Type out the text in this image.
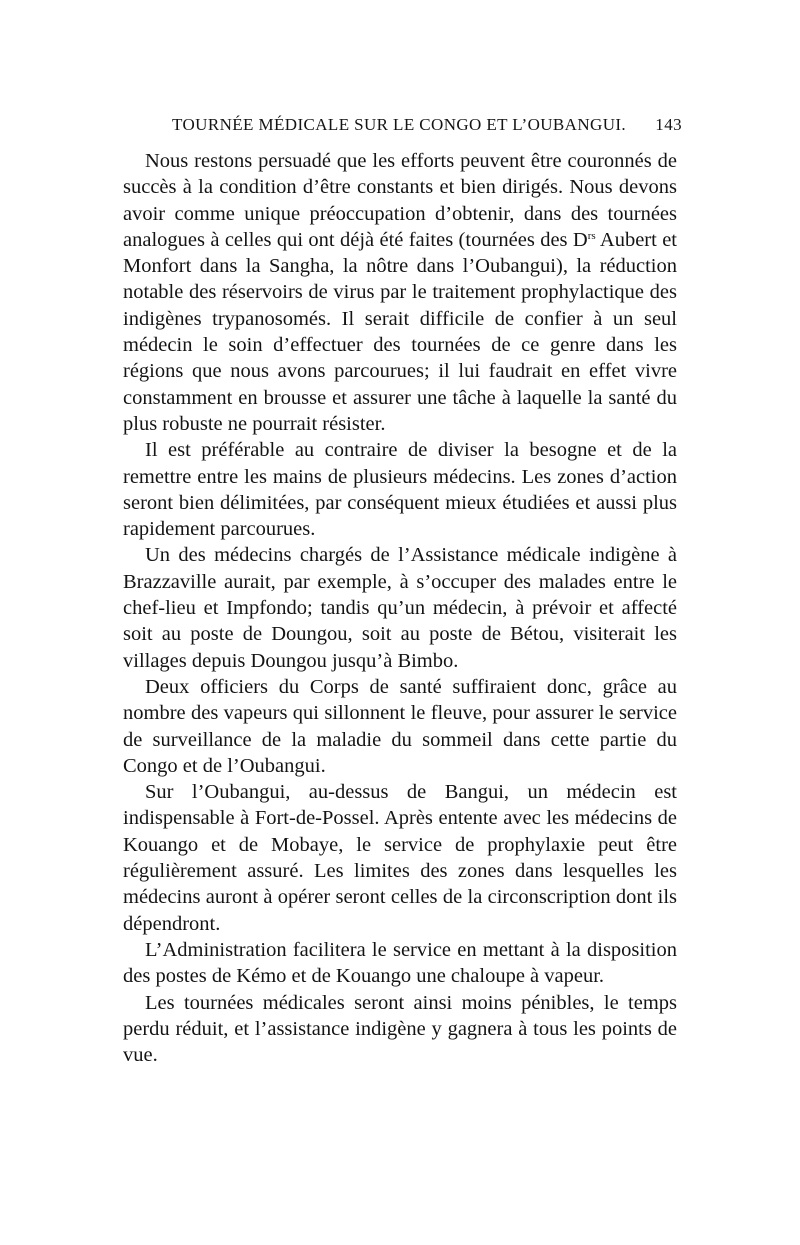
TOURNÉE MÉDICALE SUR LE CONGO ET L’OUBANGUI. 143

Nous restons persuadé que les efforts peuvent être couronnés de succès à la condition d’être constants et bien dirigés. Nous devons avoir comme unique préoccupation d’obtenir, dans des tournées analogues à celles qui ont déjà été faites (tournées des $D^{rs}$ Aubert et Monfort dans la Sangha, la nôtre dans l’Oubangui), la réduction notable des réservoirs de virus par le traitement prophylactique des indigènes trypanosomés. Il serait difficile de confier à un seul médecin le soin d’effectuer des tournées de ce genre dans les régions que nous avons parcourues; il lui faudrait en effet vivre constamment en brousse et assurer une tâche à laquelle la santé du plus robuste ne pourrait résister.

Il est préférable au contraire de diviser la besogne et de la remettre entre les mains de plusieurs médecins. Les zones d’action seront bien délimitées, par conséquent mieux étudiées et aussi plus rapidement parcourues.

Un des médecins chargés de l’Assistance médicale indigène à Brazzaville aurait, par exemple, à s’occuper des malades entre le chef-lieu et Impfondo; tandis qu’un médecin, à prévoir et affecté soit au poste de Doungou, soit au poste de Bétou, visiterait les villages depuis Doungou jusqu’à Bimbo.

Deux officiers du Corps de santé suffiraient donc, grâce au nombre des vapeurs qui sillonnent le fleuve, pour assurer le service de surveillance de la maladie du sommeil dans cette partie du Congo et de l’Oubangui.

Sur l’Oubangui, au-dessus de Bangui, un médecin est indispensable à Fort-de-Possel. Après entente avec les médecins de Kouango et de Mobaye, le service de prophylaxie peut être régulièrement assuré. Les limites des zones dans lesquelles les médecins auront à opérer seront celles de la circonscription dont ils dépendront.

L’Administration facilitera le service en mettant à la disposition des postes de Kémo et de Kouango une chaloupe à vapeur.

Les tournées médicales seront ainsi moins pénibles, le temps perdu réduit, et l’assistance indigène y gagnera à tous les points de vue.
